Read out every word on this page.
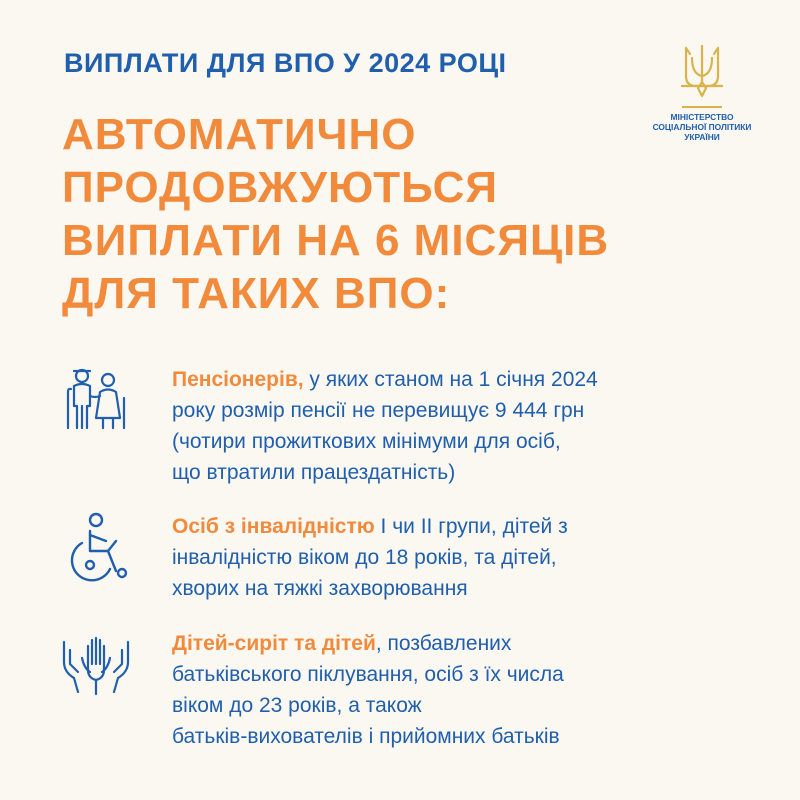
ВИПЛАТИ ДЛЯ ВПО У 2024 РОЦІ
АВТОМАТИЧНО
ПРОДОВЖУЮТЬСЯ
ВИПЛАТИ НА 6 МІСЯЦІВ
ДЛЯ ТАКИХ ВПО:
МІНІСТЕРСТВО
СОЦІАЛЬНОЇ ПОЛІТИКИ
УКРАЇНИ

Пенсіонерів, у яких станом на 1 січня 2024
року розмір пенсії не перевищує 9 444 грн
(чотири прожиткових мінімуми для осіб,
що втратили працездатність)

Осіб з інвалідністю І чи ІІ групи, дітей з
інвалідністю віком до 18 років, та дітей,
хворих на тяжкі захворювання

Дітей-сиріт та дітей, позбавлених
батьківського піклування, осіб з їх числа
віком до 23 років, а також
батьків-вихователів і прийомних батьків
